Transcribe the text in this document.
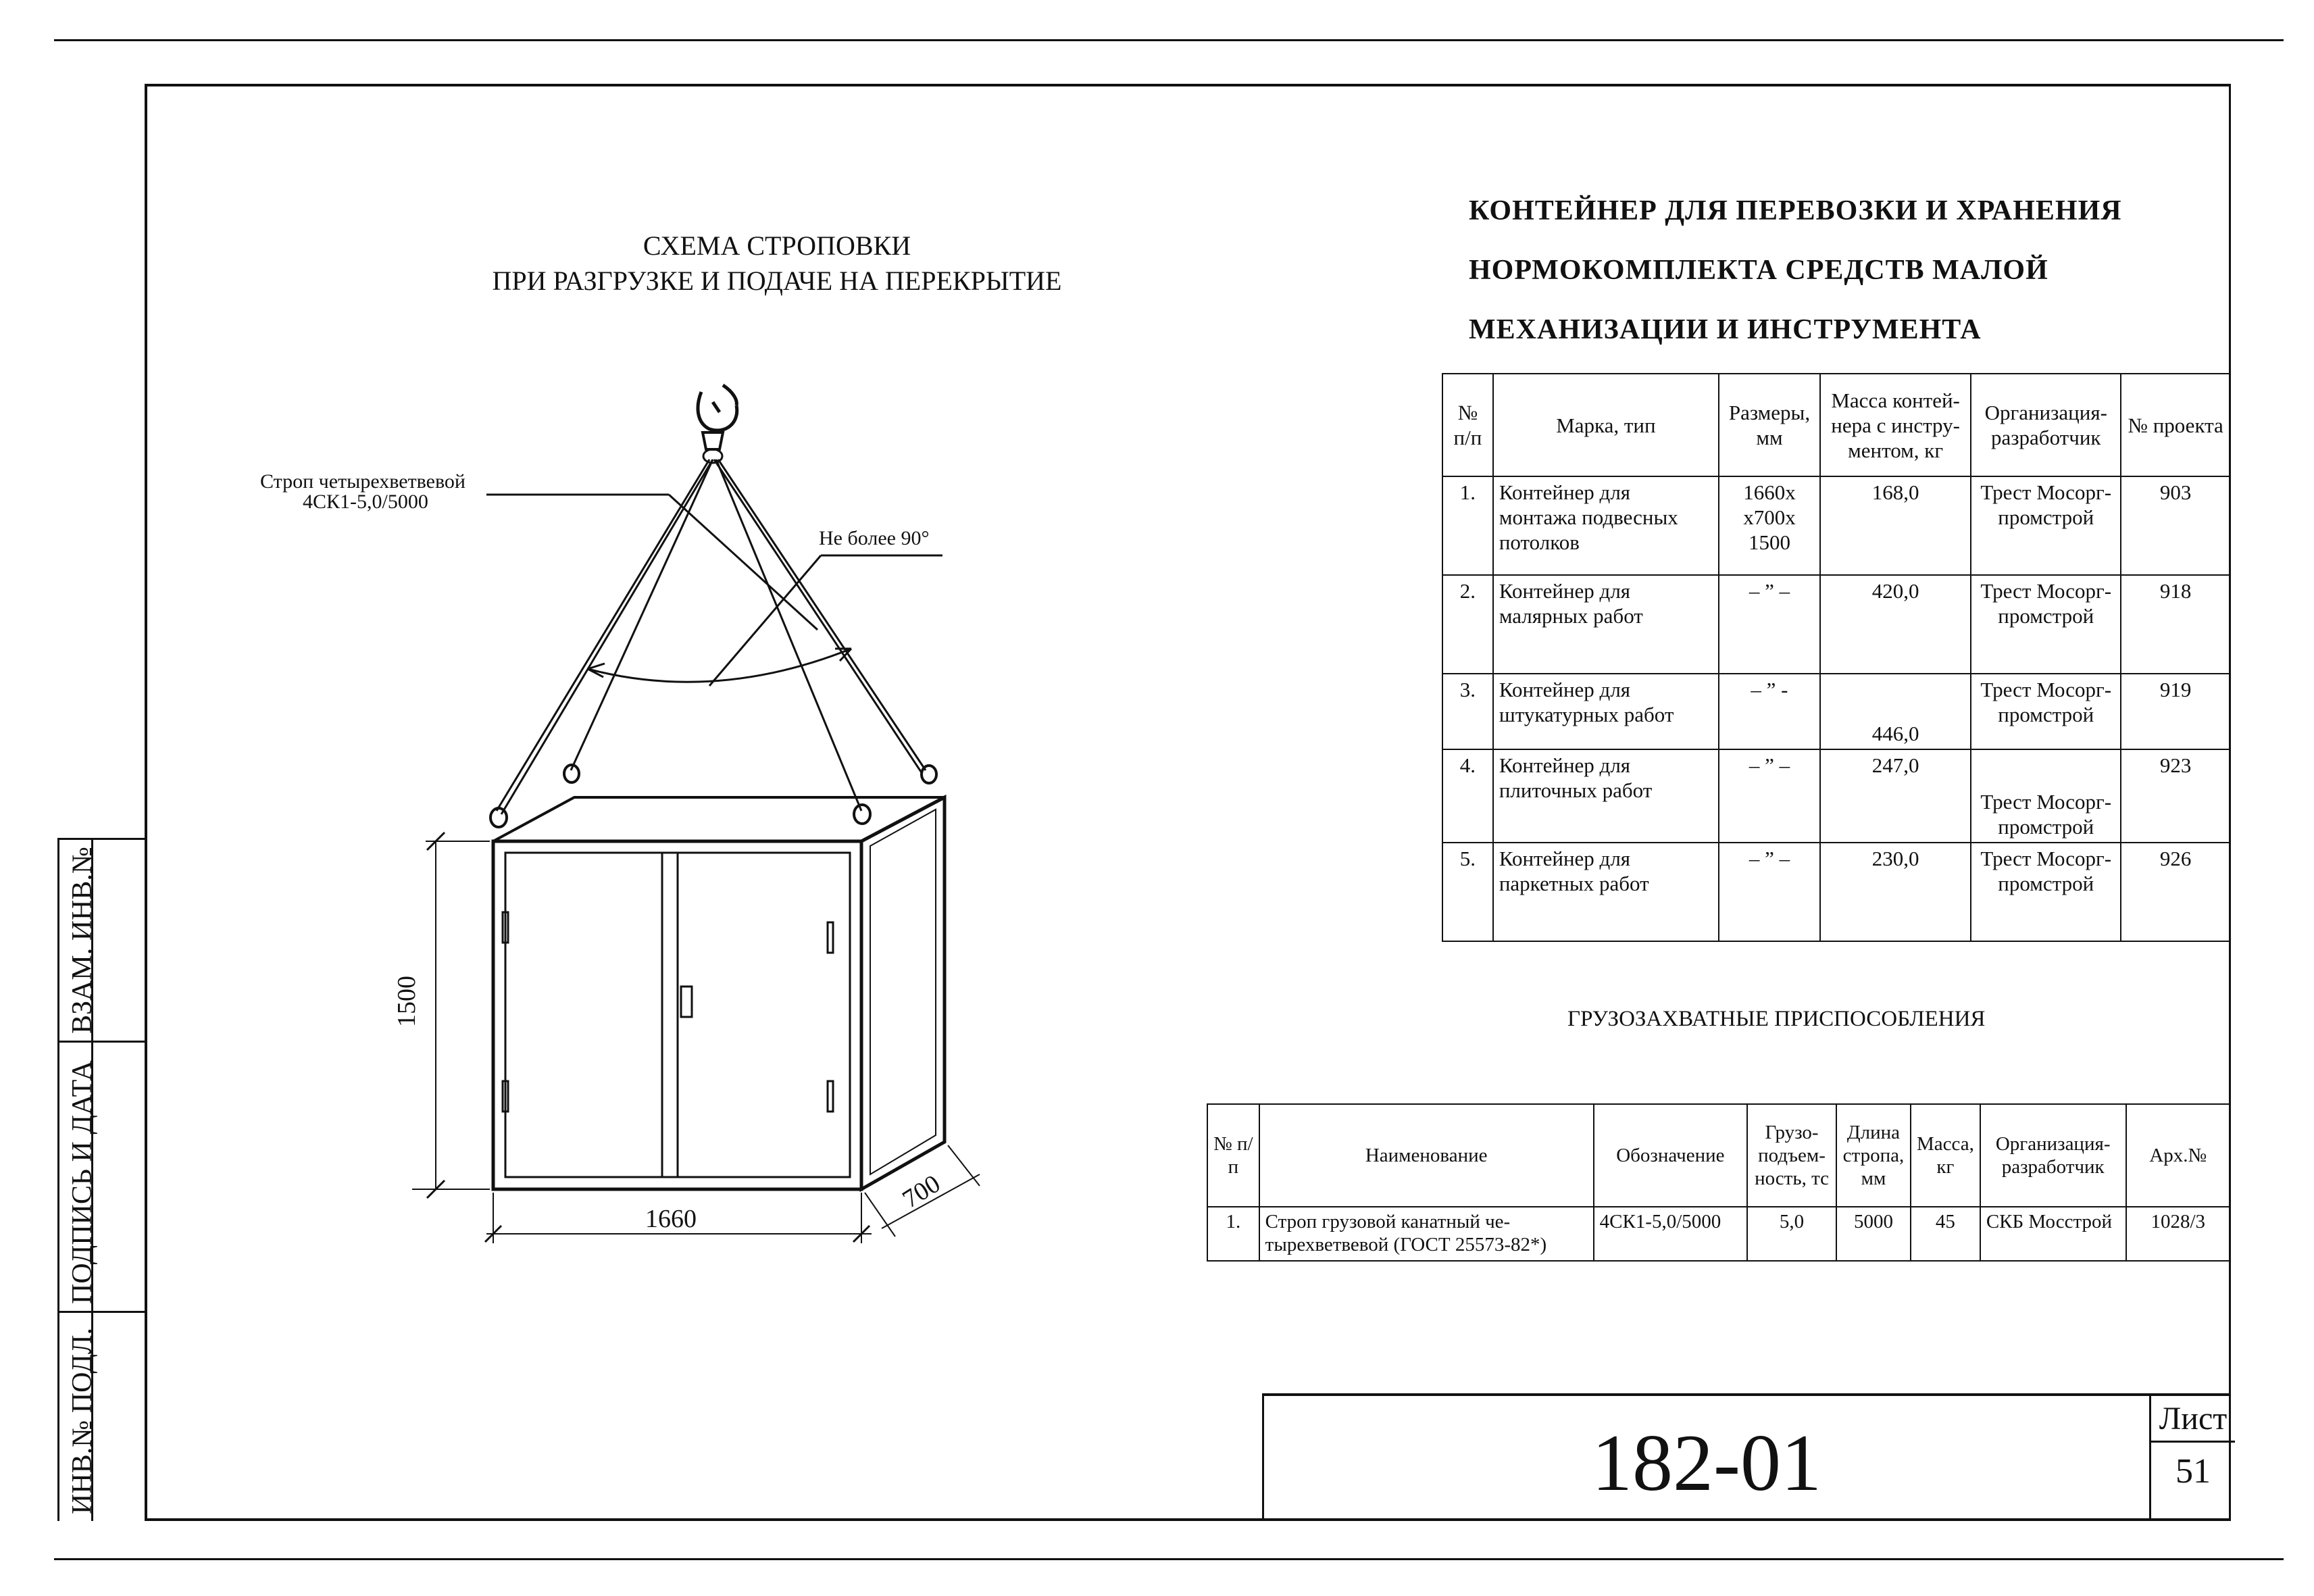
ВЗАМ. ИНВ.№
ПОДПИСЬ И ДАТА
ИНВ.№ ПОДЛ.
СХЕМА СТРОПОВКИ
ПРИ РАЗГРУЗКЕ И ПОДАЧЕ НА ПЕРЕКРЫТИЕ
Строп четырехветвевой
4СК1-5,0/5000
Не более 90°
1500
1660
700
КОНТЕЙНЕР ДЛЯ ПЕРЕВОЗКИ И ХРАНЕНИЯ
НОРМОКОМПЛЕКТА СРЕДСТВ МАЛОЙ
МЕХАНИЗАЦИИ И ИНСТРУМЕНТА
№ п/п	Марка, тип	Размеры, мм	Масса контей-нера с инстру-ментом, кг	Организация-разработчик	№ проекта
1.	Контейнер для монтажа подвесных потолков	1660х х700х 1500	168,0	Трест Мосорг-промстрой	903
2.	Контейнер для малярных работ	– ” –	420,0	Трест Мосорг-промстрой	918
3.	Контейнер для штукатурных работ	– ” -	446,0	Трест Мосорг-промстрой	919
4.	Контейнер для плиточных работ	– ” –	247,0	Трест Мосорг-промстрой	923
5.	Контейнер для паркетных работ	– ” –	230,0	Трест Мосорг-промстрой	926
ГРУЗОЗАХВАТНЫЕ ПРИСПОСОБЛЕНИЯ
№ п/п	Наименование	Обозначение	Грузо-подъем-ность, тс	Длина стропа, мм	Масса, кг	Организация-разработчик	Арх.№
1.	Строп грузовой канатный че-тырехветвевой (ГОСТ 25573-82*)	4СК1-5,0/5000	5,0	5000	45	СКБ Мосстрой	1028/3
182-01	Лист
51
